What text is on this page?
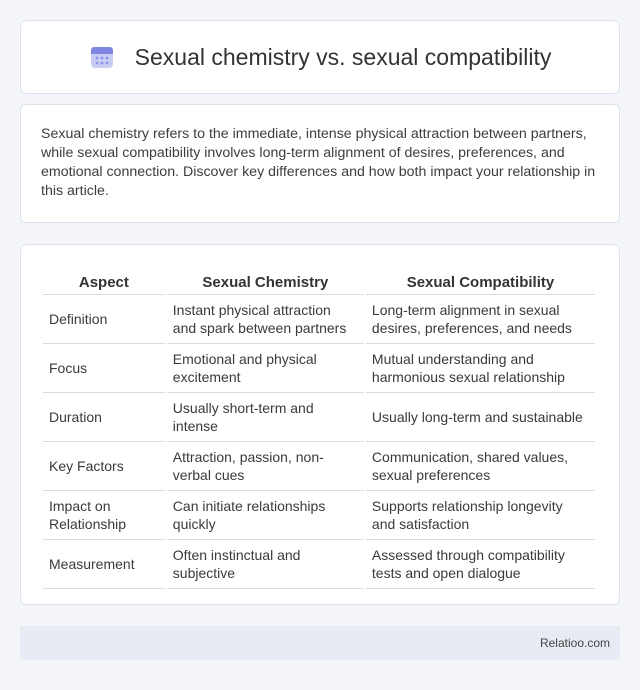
Sexual chemistry vs. sexual compatibility

Sexual chemistry refers to the immediate, intense physical attraction between partners, while sexual compatibility involves long-term alignment of desires, preferences, and emotional connection. Discover key differences and how both impact your relationship in this article.

Aspect	Sexual Chemistry	Sexual Compatibility
Definition	Instant physical attraction and spark between partners	Long-term alignment in sexual desires, preferences, and needs
Focus	Emotional and physical excitement	Mutual understanding and harmonious sexual relationship
Duration	Usually short-term and intense	Usually long-term and sustainable
Key Factors	Attraction, passion, non-verbal cues	Communication, shared values, sexual preferences
Impact on Relationship	Can initiate relationships quickly	Supports relationship longevity and satisfaction
Measurement	Often instinctual and subjective	Assessed through compatibility tests and open dialogue
Relatioo.com
